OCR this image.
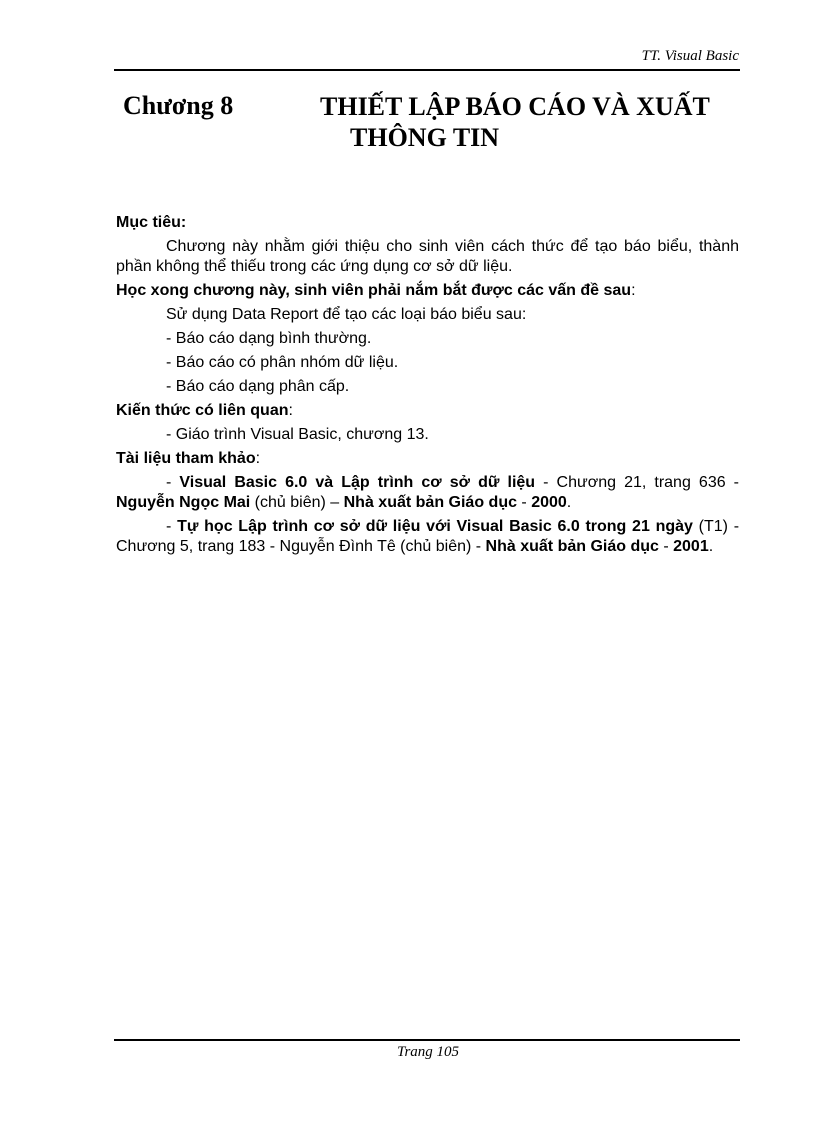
TT. Visual Basic
Chương 8	THIẾT LẬP BÁO CÁO VÀ XUẤT
THÔNG TIN

Mục tiêu:

Chương này nhằm giới thiệu cho sinh viên cách thức để tạo báo biểu, thành phần không thể thiếu trong các ứng dụng cơ sở dữ liệu.

Học xong chương này, sinh viên phải nắm bắt được các vấn đề sau:

Sử dụng Data Report để tạo các loại báo biểu sau:

- Báo cáo dạng bình thường.

- Báo cáo có phân nhóm dữ liệu.

- Báo cáo dạng phân cấp.

Kiến thức có liên quan:

- Giáo trình Visual Basic, chương 13.

Tài liệu tham khảo:

- Visual Basic 6.0 và Lập trình cơ sở dữ liệu - Chương 21, trang 636 - Nguyễn Ngọc Mai (chủ biên) – Nhà xuất bản Giáo dục - 2000.

- Tự học Lập trình cơ sở dữ liệu với Visual Basic 6.0 trong 21 ngày (T1) - Chương 5, trang 183 - Nguyễn Đình Tê (chủ biên) - Nhà xuất bản Giáo dục - 2001.

Trang 105
